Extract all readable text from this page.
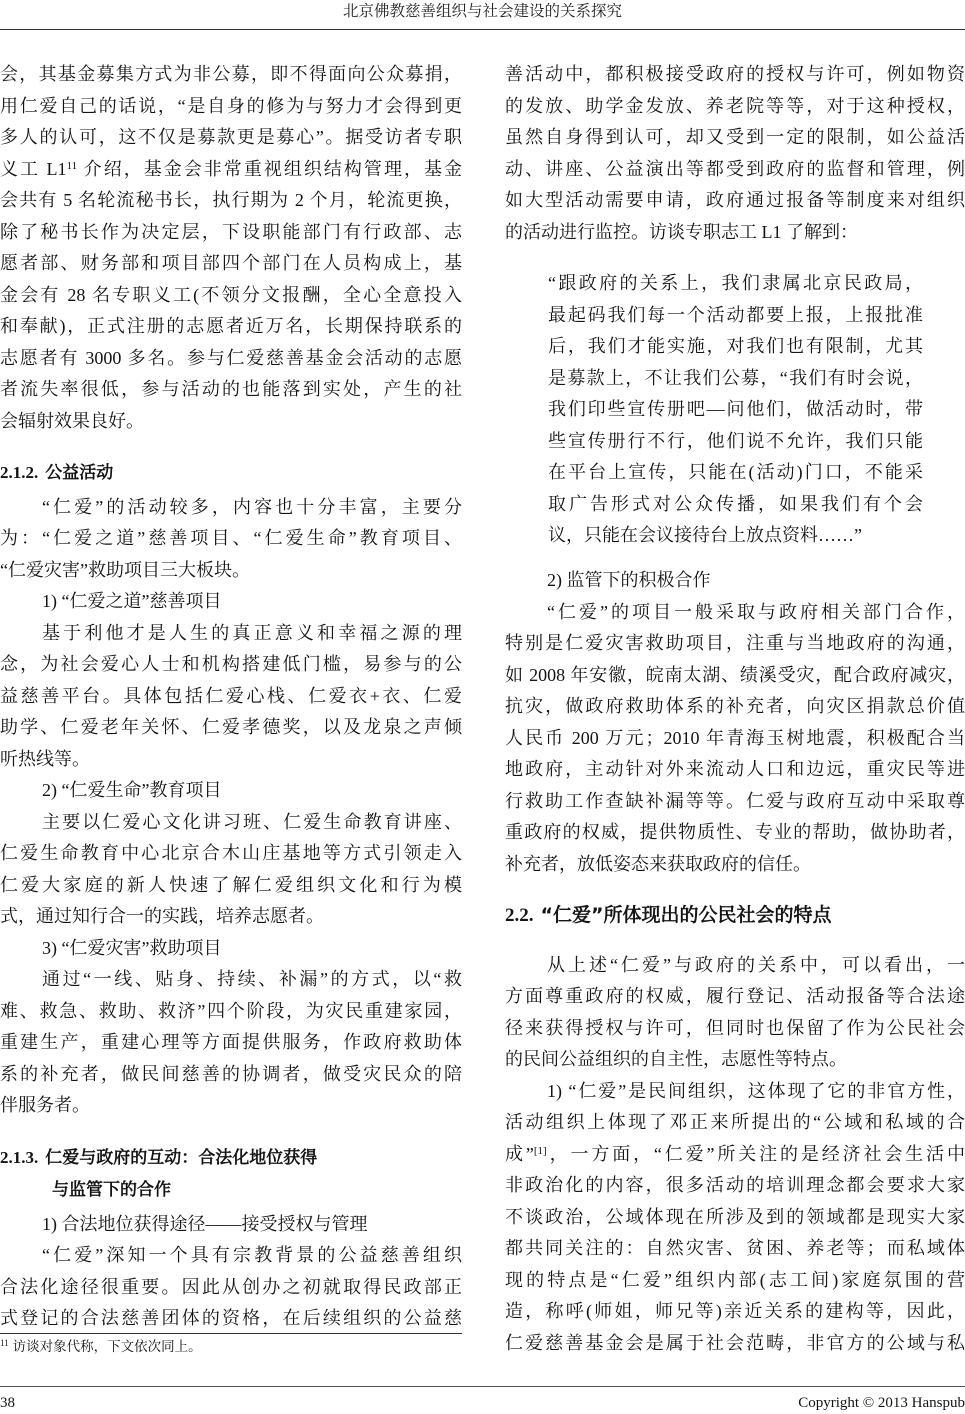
北京佛教慈善组织与社会建设的关系探究
会，其基金募集方式为非公募，即不得面向公众募捐，
用仁爱自己的话说，“是自身的修为与努力才会得到更
多人的认可，这不仅是募款更是募心”。据受访者专职
义工 $L1^{11}$ 介绍，基金会非常重视组织结构管理，基金
会共有 5 名轮流秘书长，执行期为 2 个月，轮流更换，
除了秘书长作为决定层，下设职能部门有行政部、志
愿者部、财务部和项目部四个部门在人员构成上，基
金会有 28 名专职义工(不领分文报酬，全心全意投入
和奉献)，正式注册的志愿者近万名，长期保持联系的
志愿者有 3000 多名。参与仁爱慈善基金会活动的志愿
者流失率很低，参与活动的也能落到实处，产生的社
会辐射效果良好。
2.1.2. 公益活动
“仁爱”的活动较多，内容也十分丰富，主要分
为：“仁爱之道”慈善项目、“仁爱生命”教育项目、
“仁爱灾害”救助项目三大板块。
1) “仁爱之道”慈善项目
基于利他才是人生的真正意义和幸福之源的理
念，为社会爱心人士和机构搭建低门槛，易参与的公
益慈善平台。具体包括仁爱心栈、仁爱衣+衣、仁爱
助学、仁爱老年关怀、仁爱孝德奖，以及龙泉之声倾
听热线等。
2) “仁爱生命”教育项目
主要以仁爱心文化讲习班、仁爱生命教育讲座、
仁爱生命教育中心北京合木山庄基地等方式引领走入
仁爱大家庭的新人快速了解仁爱组织文化和行为模
式，通过知行合一的实践，培养志愿者。
3) “仁爱灾害”救助项目
通过“一线、贴身、持续、补漏”的方式，以“救
难、救急、救助、救济”四个阶段，为灾民重建家园，
重建生产，重建心理等方面提供服务，作政府救助体
系的补充者，做民间慈善的协调者，做受灾民众的陪
伴服务者。
2.1.3. 仁爱与政府的互动：合法化地位获得
与监管下的合作
1) 合法地位获得途径——接受授权与管理
“仁爱”深知一个具有宗教背景的公益慈善组织
合法化途径很重要。因此从创办之初就取得民政部正
式登记的合法慈善团体的资格，在后续组织的公益慈
善活动中，都积极接受政府的授权与许可，例如物资
的发放、助学金发放、养老院等等，对于这种授权，
虽然自身得到认可，却又受到一定的限制，如公益活
动、讲座、公益演出等都受到政府的监督和管理，例
如大型活动需要申请，政府通过报备等制度来对组织
的活动进行监控。访谈专职志工 L1 了解到：
“跟政府的关系上，我们隶属北京民政局，
最起码我们每一个活动都要上报，上报批准
后，我们才能实施，对我们也有限制，尤其
是募款上，不让我们公募，“我们有时会说，
我们印些宣传册吧—问他们，做活动时，带
些宣传册行不行，他们说不允许，我们只能
在平台上宣传，只能在(活动)门口，不能采
取广告形式对公众传播，如果我们有个会
议，只能在会议接待台上放点资料……”
2) 监管下的积极合作
“仁爱”的项目一般采取与政府相关部门合作，
特别是仁爱灾害救助项目，注重与当地政府的沟通，
如 2008 年安徽，皖南太湖、绩溪受灾，配合政府减灾，
抗灾，做政府救助体系的补充者，向灾区捐款总价值
人民币 200 万元；2010 年青海玉树地震，积极配合当
地政府，主动针对外来流动人口和边远，重灾民等进
行救助工作查缺补漏等等。仁爱与政府互动中采取尊
重政府的权威，提供物质性、专业的帮助，做协助者，
补充者，放低姿态来获取政府的信任。
2.2. “仁爱”所体现出的公民社会的特点
从上述“仁爱”与政府的关系中，可以看出，一
方面尊重政府的权威，履行登记、活动报备等合法途
径来获得授权与许可，但同时也保留了作为公民社会
的民间公益组织的自主性，志愿性等特点。
1) “仁爱”是民间组织，这体现了它的非官方性，
活动组织上体现了邓正来所提出的“公域和私域的合
成”[1]，一方面，“仁爱”所关注的是经济社会生活中
非政治化的内容，很多活动的培训理念都会要求大家
不谈政治，公域体现在所涉及到的领域都是现实大家
都共同关注的：自然灾害、贫困、养老等；而私域体
现的特点是“仁爱”组织内部(志工间)家庭氛围的营
造，称呼(师姐，师兄等)亲近关系的建构等，因此，
仁爱慈善基金会是属于社会范畴，非官方的公域与私
$^{11}$ 访谈对象代称，下文依次同上。
38	Copyright © 2013 Hanspub
